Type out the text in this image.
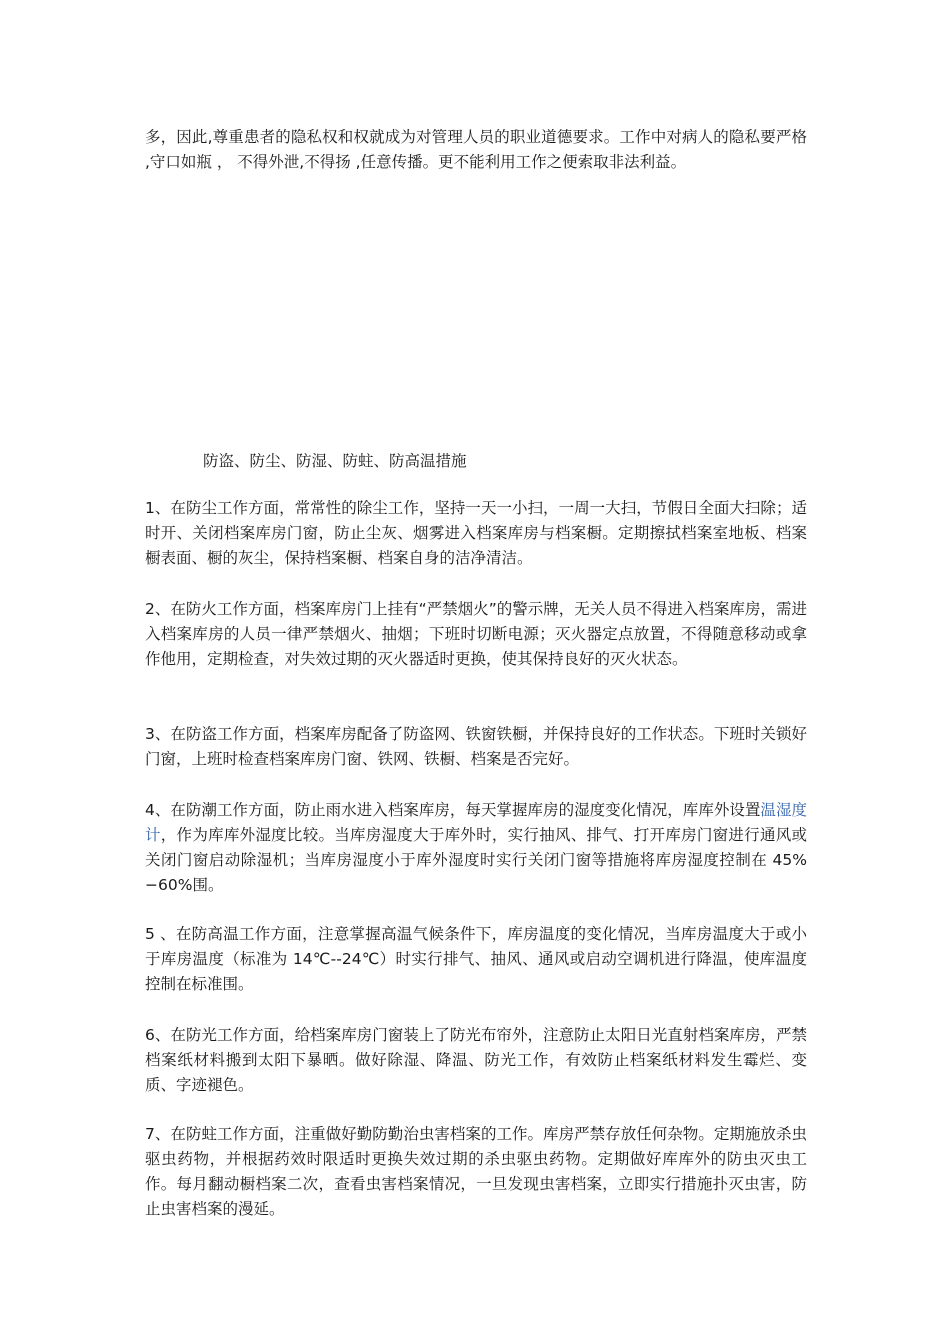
多，因此,尊重患者的隐私权和权就成为对管理人员的职业道德要求。工作中对病人的隐私要严格 ,守口如瓶 ， 不得外泄,不得扬 ,任意传播。更不能利用工作之便索取非法利益。
防盗、防尘、防湿、防蛀、防高温措施
1、在防尘工作方面，常常性的除尘工作，坚持一天一小扫，一周一大扫，节假日全面大扫除；适时开、关闭档案库房门窗，防止尘灰、烟雾进入档案库房与档案橱。定期擦拭档案室地板、档案橱表面、橱的灰尘，保持档案橱、档案自身的洁净清洁。
2、在防火工作方面，档案库房门上挂有“严禁烟火”的警示牌，无关人员不得进入档案库房，需进入档案库房的人员一律严禁烟火、抽烟；下班时切断电源；灭火器定点放置，不得随意移动或拿作他用，定期检查，对失效过期的灭火器适时更换，使其保持良好的灭火状态。
3、在防盗工作方面，档案库房配备了防盗网、铁窗铁橱，并保持良好的工作状态。下班时关锁好门窗，上班时检查档案库房门窗、铁网、铁橱、档案是否完好。
4、在防潮工作方面，防止雨水进入档案库房，每天掌握库房的湿度变化情况，库库外设置温湿度计，作为库库外湿度比较。当库房湿度大于库外时，实行抽风、排气、打开库房门窗进行通风或关闭门窗启动除湿机；当库房湿度小于库外湿度时实行关闭门窗等措施将库房湿度控制在 45%−60%围。
5 、在防高温工作方面，注意掌握高温气候条件下，库房温度的变化情况，当库房温度大于或小于库房温度（标准为 14℃--24℃）时实行排气、抽风、通风或启动空调机进行降温，使库温度控制在标准围。
6、在防光工作方面，给档案库房门窗装上了防光布帘外，注意防止太阳日光直射档案库房，严禁档案纸材料搬到太阳下暴晒。做好除湿、降温、防光工作，有效防止档案纸材料发生霉烂、变质、字迹褪色。
7、在防蛀工作方面，注重做好勤防勤治虫害档案的工作。库房严禁存放任何杂物。定期施放杀虫驱虫药物，并根据药效时限适时更换失效过期的杀虫驱虫药物。定期做好库库外的防虫灭虫工作。每月翻动橱档案二次，查看虫害档案情况，一旦发现虫害档案，立即实行措施扑灭虫害，防止虫害档案的漫延。
